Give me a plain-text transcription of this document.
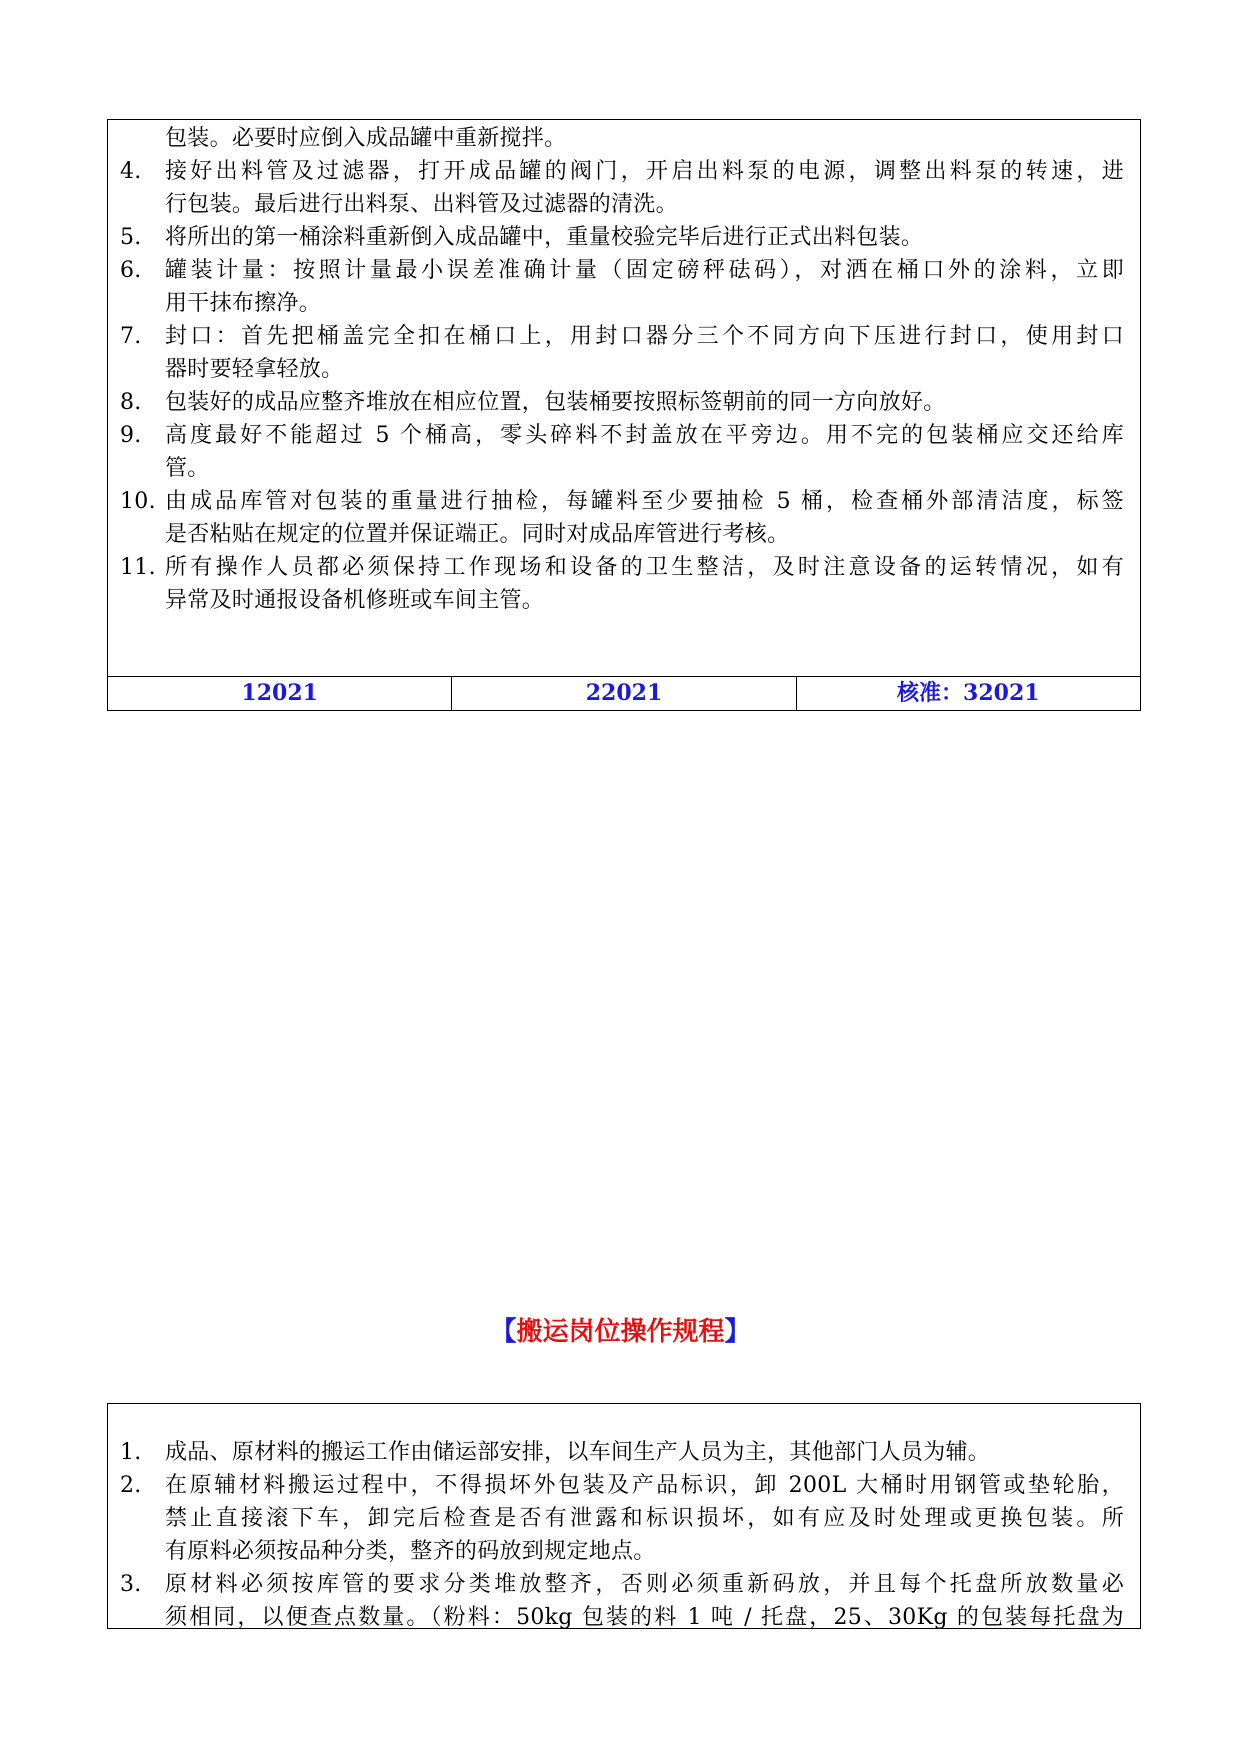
包装。必要时应倒入成品罐中重新搅拌。
4.	接好出料管及过滤器，打开成品罐的阀门，开启出料泵的电源，调整出料泵的转速，进
行包装。最后进行出料泵、出料管及过滤器的清洗。
5.	将所出的第一桶涂料重新倒入成品罐中，重量校验完毕后进行正式出料包装。
6.	罐装计量：按照计量最小误差准确计量（固定磅秤砝码），对洒在桶口外的涂料，立即
用干抹布擦净。
7.	封口：首先把桶盖完全扣在桶口上，用封口器分三个不同方向下压进行封口，使用封口
器时要轻拿轻放。
8.	包装好的成品应整齐堆放在相应位置，包装桶要按照标签朝前的同一方向放好。
9.	高度最好不能超过 5 个桶高，零头碎料不封盖放在平旁边。用不完的包装桶应交还给库
管。
10. 由成品库管对包装的重量进行抽检，每罐料至少要抽检 5 桶，检查桶外部清洁度，标签
是否粘贴在规定的位置并保证端正。同时对成品库管进行考核。
11. 所有操作人员都必须保持工作现场和设备的卫生整洁，及时注意设备的运转情况，如有
异常及时通报设备机修班或车间主管。
12021	22021	核准：32021
【搬运岗位操作规程】
1.	成品、原材料的搬运工作由储运部安排，以车间生产人员为主，其他部门人员为辅。
2.	在原辅材料搬运过程中，不得损坏外包装及产品标识，卸 200L 大桶时用钢管或垫轮胎，
禁止直接滚下车，卸完后检查是否有泄露和标识损坏，如有应及时处理或更换包装。所
有原料必须按品种分类，整齐的码放到规定地点。
3.	原材料必须按库管的要求分类堆放整齐，否则必须重新码放，并且每个托盘所放数量必
须相同，以便查点数量。（粉料：50kg 包装的料 1 吨 / 托盘，25、30Kg 的包装每托盘为
